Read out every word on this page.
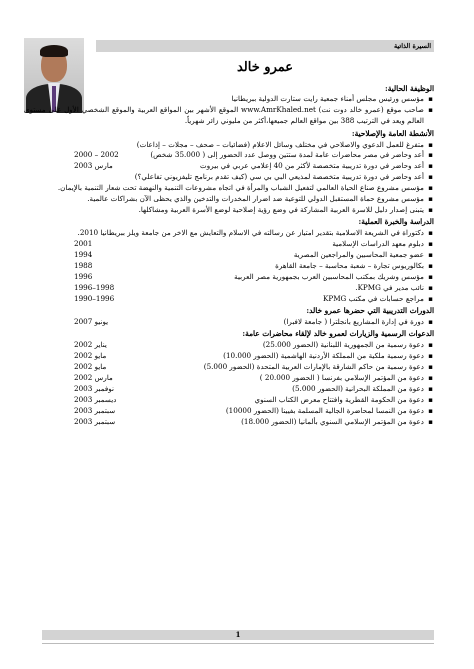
السيرة الذاتية
عمرو خالد
الوظيفة الحالية:
▪ مؤسس ورئيس مجلس أمناء جمعية رايت ستارت الدولية ببريطانيا
▪ صاحب موقع (عمرو خالد دوت نت) www.AmrKhaled.net الموقع الأشهر بين المواقع العربية والموقع الشخصي الأول على مستوى العالم ويعد في الترتيب 388 بين مواقع العالم جميعها،أكثر من مليوني زائر شهرياً.
الأنشطة العامة والإصلاحية:
▪ متفرغ للعمل الدعوي والاصلاحي في مختلف وسائل الاعلام (فضائيات – صحف – مجلات – إذاعات)
▪ أعد وحاضر في مصر محاضرات عامة لمدة ستتين ووصل عدد الحضور إلى ( 35.000 شخص)
2000 – 2002
▪ أعد وحاضر في دورة تدريبية متخصصة لأكثر من 40 إعلامي عربي في بيروت
مارس 2003
▪ أعد وحاضر في دورة تدريبية متخصصة لمذيعي البي بي سي (كيف تقدم برنامج تليفزيوني تفاعلي؟)
▪ مؤسس مشروع صناع الحياة العالمي لتفعيل الشباب والمرأة في اتجاه مشروعات التنمية والنهضة تحت شعار التنمية بالإيمان.
▪ مؤسس مشروع حماة المستقبل الدولي للتوعية ضد اضرار المخدرات والتدخين والذي يحظى الآن بشراكات عالمية.
▪ يتبنى إصدار دليل للاسرة العربية المشاركة في وضع رؤية إصلاحية لوضع الأسرة العربية ومشاكلها.
الدراسة والخبرة العملية:
▪ دكتوراة في الشريعة الاسلامية بتقدير امتياز عن رسالته في الاسلام والتعايش مع الاخر من جامعة ويلز ببريطانيا 2010.
▪ دبلوم معهد الدراسات الإسلامية
2001
▪ عضو جمعية المحاسبين والمراجعين المصرية
1994
▪ بكالوريوس تجارة – شعبة محاسبة – جامعة القاهرة
1988
▪ مؤسس وشريك بمكتب المحاسبين العرب بجمهورية مصر العربية
1996
▪ نائب مدير في KPMG.
1996–1998
▪ مراجع حسابات في مكتب KPMG
1990–1996
الدورات التدريبية التي حضرها عمرو خالد:
▪ دورة في إدارة المشاريع بانجلترا ( جامعة لافبرا)
يونيو 2007
الدعوات الرسمية والزيارات لعمرو خالد لإلقاء محاضرات عامة:
▪ دعوة رسمية من الجمهورية اللبنانية (الحضور 25.000)
يناير 2002
▪ دعوة رسمية ملكية من المملكة الأردنية الهاشمية (الحضور 10.000)
مايو 2002
▪ دعوة رسمية من حاكم الشارقة بالإمارات العربية المتحدة (الحضور 5.000)
مايو 2002
▪ دعوة من المؤتمر الإسلامي بفرنسا ( الحضور 20.000 )
مارس 2002
▪ دعوة من المملكة البحرانية (الحضور 5.000)
نوفمبر 2003
▪ دعوة من الحكومة القطرية وافتتاح معرض الكتاب السنوي
ديسمبر 2003
▪ دعوة من النمسا لمحاضرة الجالية المسلمة بفيينا (الحضور 10000)
سبتمبر 2003
▪ دعوة من المؤتمر الإسلامي السنوي بألمانيا (الحضور 18.000)
سبتمبر 2003
1
